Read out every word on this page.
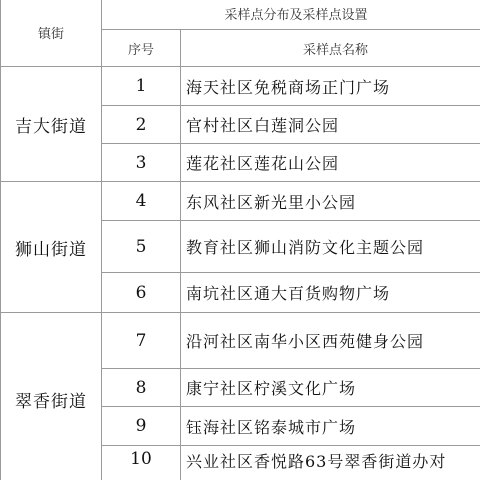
镇街	采样点分布及采样点设置	
	序号	采样点名称
吉大街道	1	海天社区免税商场正门广场
	2	官村社区白莲洞公园
	3	莲花社区莲花山公园
狮山街道	4	东风社区新光里小公园
	5	教育社区狮山消防文化主题公园
	6	南坑社区通大百货购物广场
翠香街道	7	沿河社区南华小区西苑健身公园
	8	康宁社区柠溪文化广场
	9	钰海社区铭泰城市广场
	10	兴业社区香悦路63号翠香街道办对
